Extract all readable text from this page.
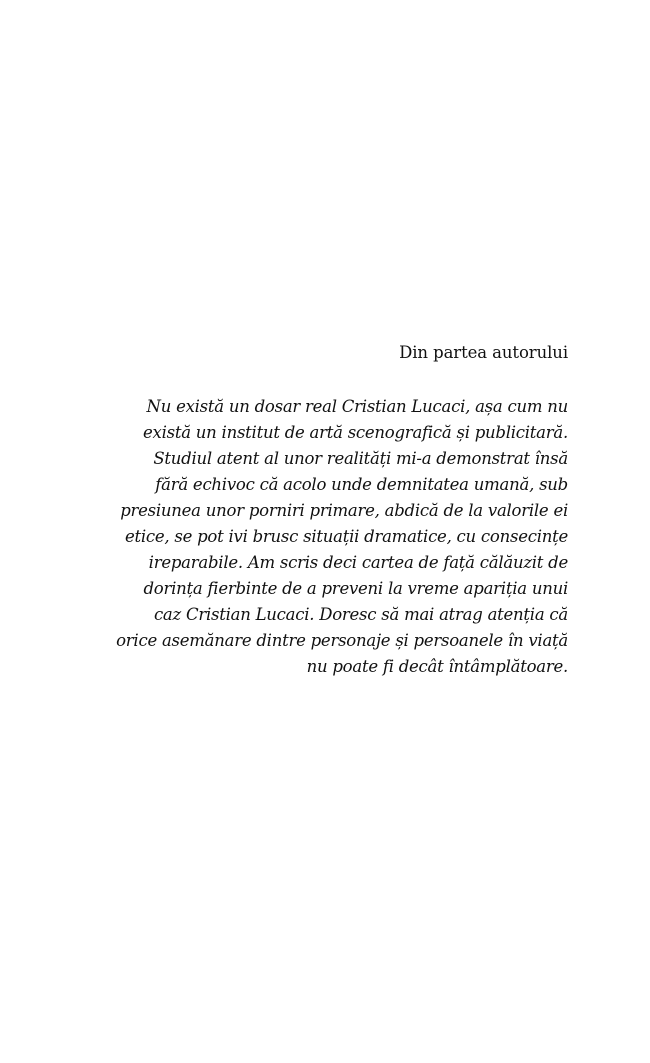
Din partea autorului
Nu există un dosar real Cristian Lucaci, așa cum nu
există un institut de artă scenografică și publicitară.
Studiul atent al unor realități mi-a demonstrat însă
fără echivoc că acolo unde demnitatea umană, sub
presiunea unor porniri primare, abdică de la valorile ei
etice, se pot ivi brusc situații dramatice, cu consecințe
ireparabile. Am scris deci cartea de față călăuzit de
dorința fierbinte de a preveni la vreme apariția unui
caz Cristian Lucaci. Doresc să mai atrag atenția că
orice asemănare dintre personaje și persoanele în viață
nu poate fi decât întâmplătoare.
